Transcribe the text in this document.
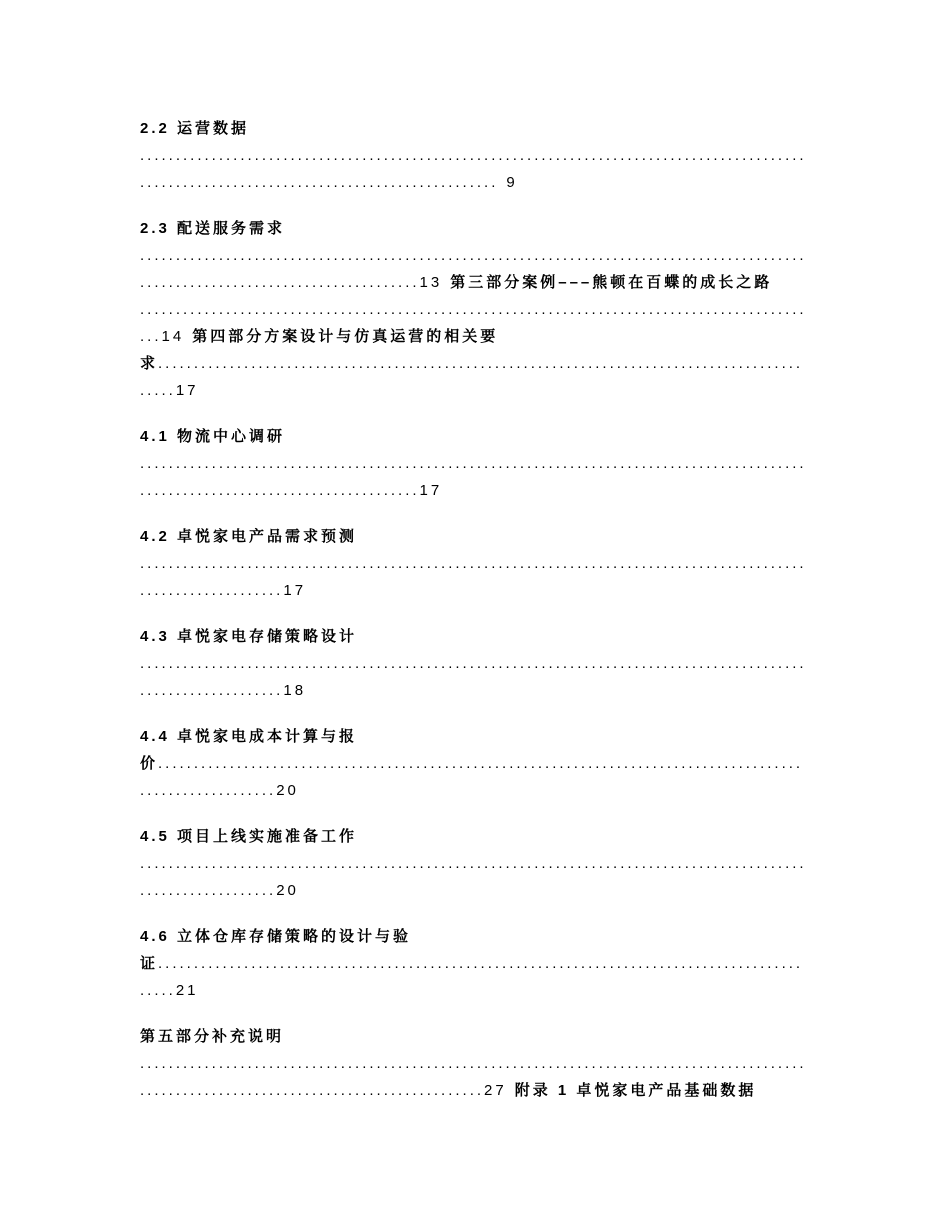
2.2 运营数据
.............................................................................................
.................................................. 9
2.3 配送服务需求
.............................................................................................
.......................................13 第三部分案例–––熊顿在百蝶的成长之路
.............................................................................................
...14 第四部分方案设计与仿真运营的相关要
求..........................................................................................
.....17
4.1 物流中心调研
.............................................................................................
.......................................17
4.2 卓悦家电产品需求预测
.............................................................................................
....................17
4.3 卓悦家电存储策略设计
.............................................................................................
....................18
4.4 卓悦家电成本计算与报
价..........................................................................................
...................20
4.5 项目上线实施准备工作
.............................................................................................
...................20
4.6 立体仓库存储策略的设计与验
证..........................................................................................
.....21
第五部分补充说明
.............................................................................................
................................................27 附录 1 卓悦家电产品基础数据
